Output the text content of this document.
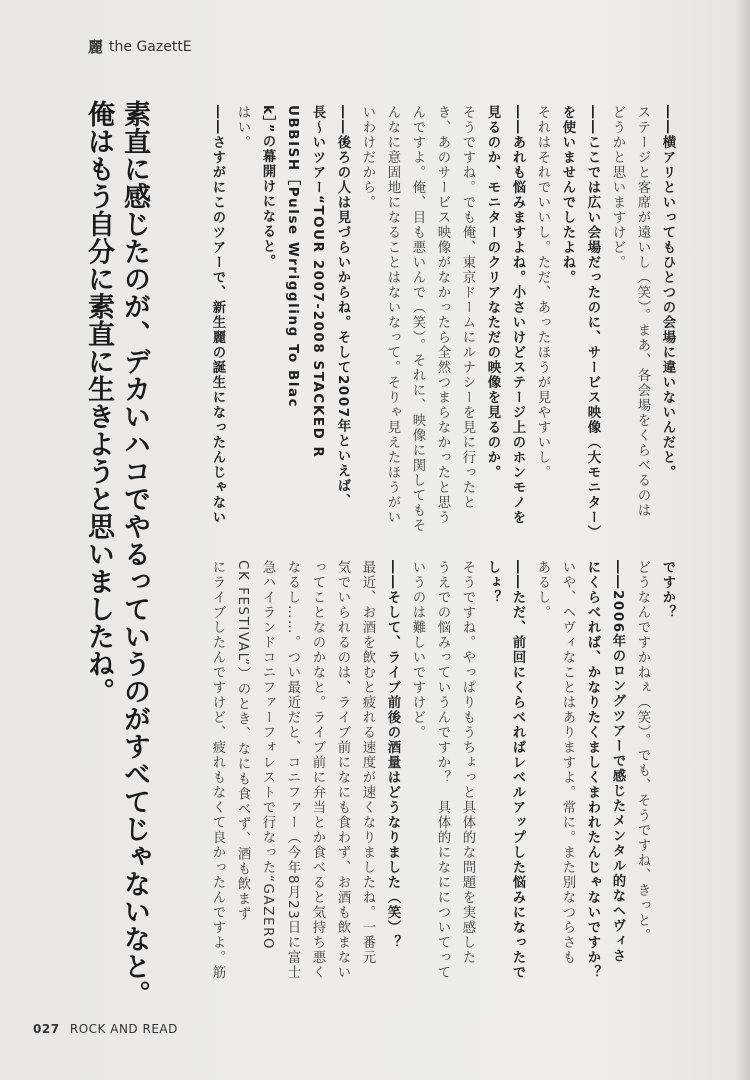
麗 the GazettE
素直に感じたのが、デカいハコでやるっていうのがすべてじゃないなと。
俺はもう自分に素直に生きようと思いましたね。	――横アリといってもひとつの会場に違いないんだと。
ステージと客席が遠いし（笑）。まあ、各会場をくらべるのは
どうかと思いますけど。
――ここでは広い会場だったのに、サービス映像（大モニター）
を使いませんでしたよね。
それはそれでいいし。ただ、あったほうが見やすいし。
――あれも悩みますよね。小さいけどステージ上のホンモノを
見るのか、モニターのクリアなただの映像を見るのか。
そうですね。でも俺、東京ドームにルナシーを見に行ったと
き、あのサービス映像がなかったら全然つまらなかったと思う
んですよ。俺、目も悪いんで（笑）。それに、映像に関してもそ
んなに意固地になることはないなって。そりゃ見えたほうがい
いわけだから。
――後ろの人は見づらいからね。そして2007年といえば、
長～いツアー“TOUR 2007-2008 STACKED R
UBBISH［Pulse Wrriggling To Blac
k］”の幕開けになると。
はい。
――さすがにこのツアーで、新生麗の誕生になったんじゃない
ですか？
どうなんですかねぇ（笑）。でも、そうですね、きっと。
――2006年のロングツアーで感じたメンタル的なヘヴィさ
にくらべれば、かなりたくましくまわれたんじゃないですか？
いや、ヘヴィなことはありますよ。常に。また別なつらさも
あるし。
――ただ、前回にくらべればレベルアップした悩みになったで
しょ？
そうですね。やっぱりもうちょっと具体的な問題を実感した
うえでの悩みっていうんですか？　具体的になにについてって
いうのは難しいですけど。
――そして、ライブ前後の酒量はどうなりました（笑）？
最近、お酒を飲むと疲れる速度が速くなりましたね。一番元
気でいられるのは、ライブ前になにも食わず、お酒も飲まない
ってことなのかなと。ライブ前に弁当とか食べると気持ち悪く
なるし……。つい最近だと、コニファー（今年8月23日に富士
急ハイランドコニファーフォレストで行なった“GAZERO
CK FESTIVAL”）のとき、なにも食べず、酒も飲まず
にライブしたんですけど、疲れもなくて良かったんですよ。筋
027 ROCK AND READ
